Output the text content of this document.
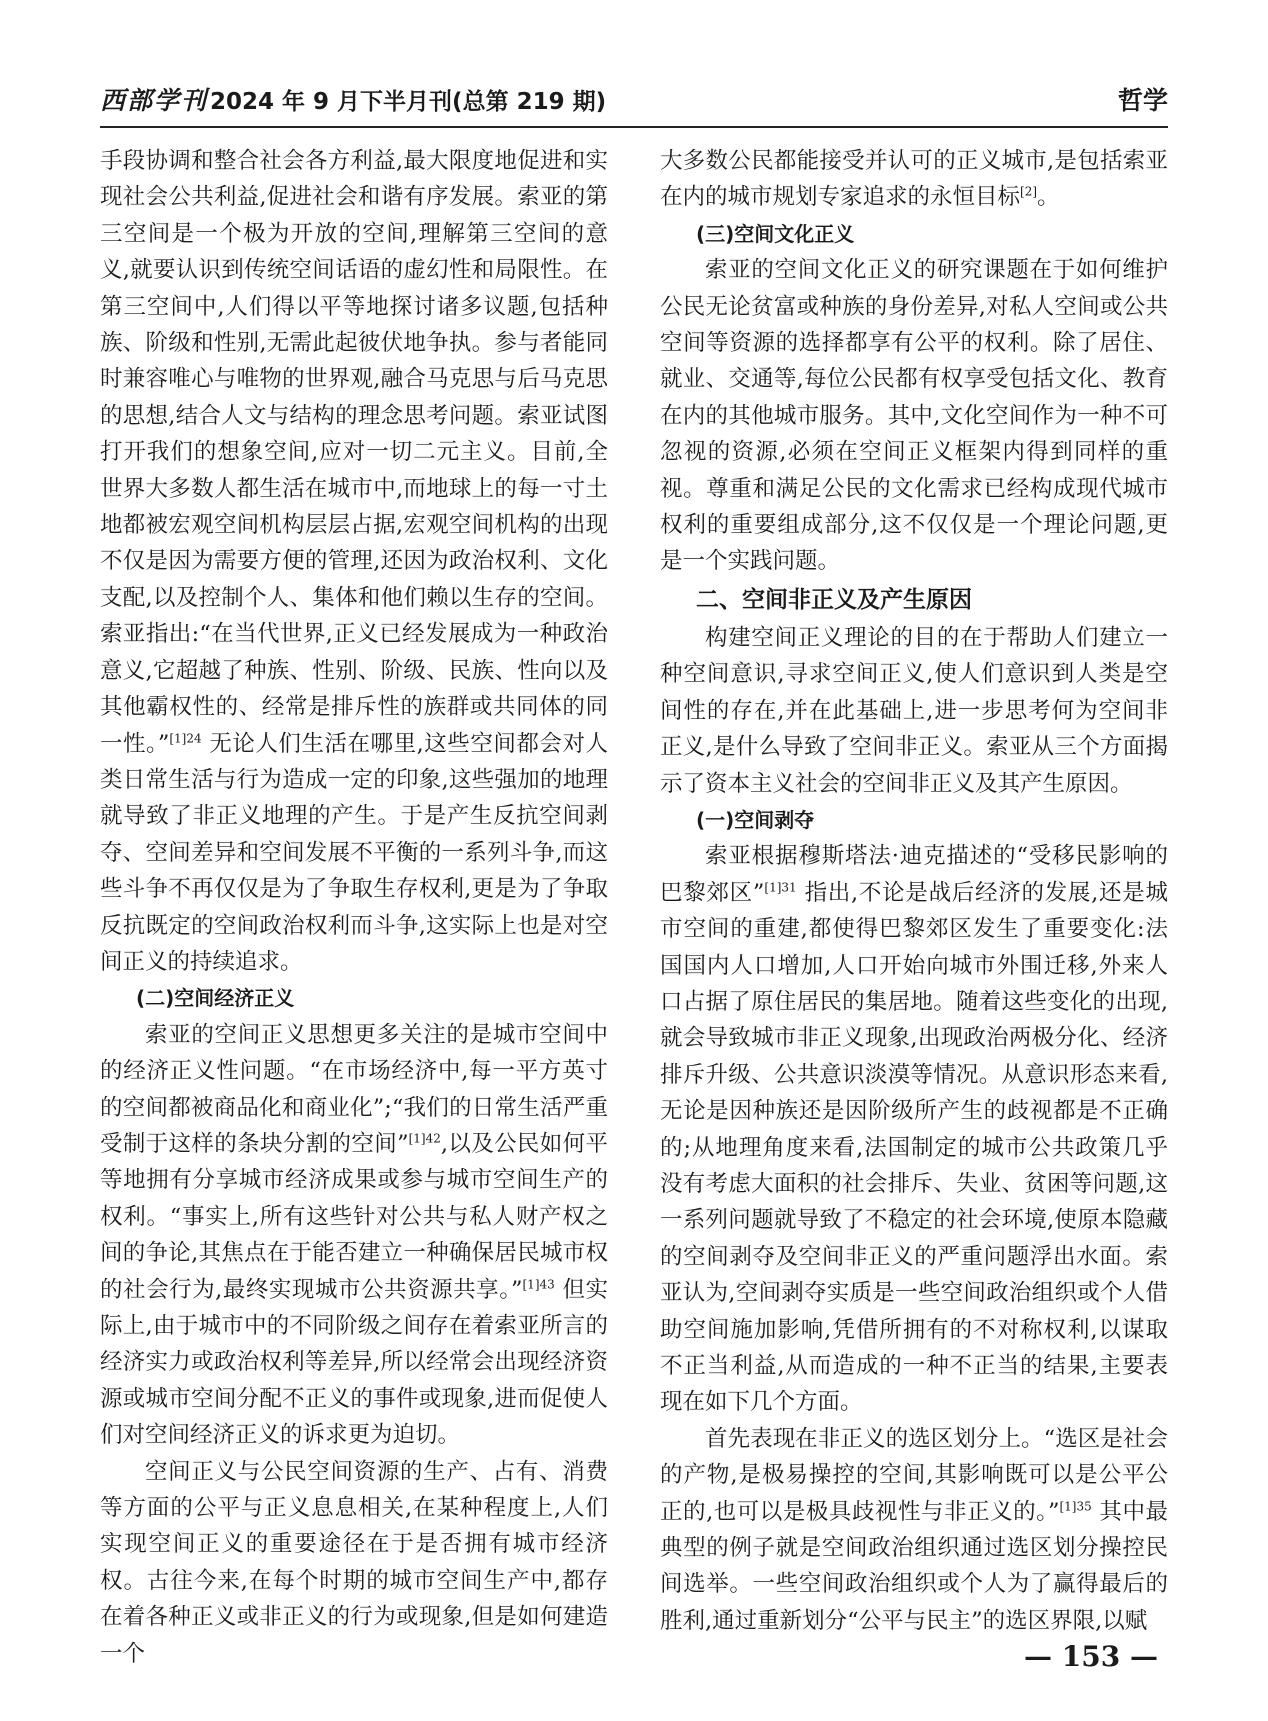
西部学刊2024 年 9 月下半月刊(总第 219 期)	哲学

手段协调和整合社会各方利益,最大限度地促进和实现社会公共利益,促进社会和谐有序发展。索亚的第三空间是一个极为开放的空间,理解第三空间的意义,就要认识到传统空间话语的虚幻性和局限性。在第三空间中,人们得以平等地探讨诸多议题,包括种族、阶级和性别,无需此起彼伏地争执。参与者能同时兼容唯心与唯物的世界观,融合马克思与后马克思的思想,结合人文与结构的理念思考问题。索亚试图打开我们的想象空间,应对一切二元主义。目前,全世界大多数人都生活在城市中,而地球上的每一寸土地都被宏观空间机构层层占据,宏观空间机构的出现不仅是因为需要方便的管理,还因为政治权利、文化支配,以及控制个人、集体和他们赖以生存的空间。索亚指出:“在当代世界,正义已经发展成为一种政治意义,它超越了种族、性别、阶级、民族、性向以及其他霸权性的、经常是排斥性的族群或共同体的同一性。”$^{[1]24}$ 无论人们生活在哪里,这些空间都会对人类日常生活与行为造成一定的印象,这些强加的地理就导致了非正义地理的产生。于是产生反抗空间剥夺、空间差异和空间发展不平衡的一系列斗争,而这些斗争不再仅仅是为了争取生存权利,更是为了争取反抗既定的空间政治权利而斗争,这实际上也是对空间正义的持续追求。

(二)空间经济正义

索亚的空间正义思想更多关注的是城市空间中的经济正义性问题。“在市场经济中,每一平方英寸的空间都被商品化和商业化”;“我们的日常生活严重受制于这样的条块分割的空间”$^{[1]42}$,以及公民如何平等地拥有分享城市经济成果或参与城市空间生产的权利。“事实上,所有这些针对公共与私人财产权之间的争论,其焦点在于能否建立一种确保居民城市权的社会行为,最终实现城市公共资源共享。”$^{[1]43}$ 但实际上,由于城市中的不同阶级之间存在着索亚所言的经济实力或政治权利等差异,所以经常会出现经济资源或城市空间分配不正义的事件或现象,进而促使人们对空间经济正义的诉求更为迫切。

空间正义与公民空间资源的生产、占有、消费等方面的公平与正义息息相关,在某种程度上,人们实现空间正义的重要途径在于是否拥有城市经济权。古往今来,在每个时期的城市空间生产中,都存在着各种正义或非正义的行为或现象,但是如何建造一个

大多数公民都能接受并认可的正义城市,是包括索亚在内的城市规划专家追求的永恒目标[2]。

(三)空间文化正义

索亚的空间文化正义的研究课题在于如何维护公民无论贫富或种族的身份差异,对私人空间或公共空间等资源的选择都享有公平的权利。除了居住、就业、交通等,每位公民都有权享受包括文化、教育在内的其他城市服务。其中,文化空间作为一种不可忽视的资源,必须在空间正义框架内得到同样的重视。尊重和满足公民的文化需求已经构成现代城市权利的重要组成部分,这不仅仅是一个理论问题,更是一个实践问题。

二、空间非正义及产生原因

构建空间正义理论的目的在于帮助人们建立一种空间意识,寻求空间正义,使人们意识到人类是空间性的存在,并在此基础上,进一步思考何为空间非正义,是什么导致了空间非正义。索亚从三个方面揭示了资本主义社会的空间非正义及其产生原因。

(一)空间剥夺

索亚根据穆斯塔法·迪克描述的“受移民影响的巴黎郊区”$^{[1]31}$ 指出,不论是战后经济的发展,还是城市空间的重建,都使得巴黎郊区发生了重要变化:法国国内人口增加,人口开始向城市外围迁移,外来人口占据了原住居民的集居地。随着这些变化的出现,就会导致城市非正义现象,出现政治两极分化、经济排斥升级、公共意识淡漠等情况。从意识形态来看,无论是因种族还是因阶级所产生的歧视都是不正确的;从地理角度来看,法国制定的城市公共政策几乎没有考虑大面积的社会排斥、失业、贫困等问题,这一系列问题就导致了不稳定的社会环境,使原本隐藏的空间剥夺及空间非正义的严重问题浮出水面。索亚认为,空间剥夺实质是一些空间政治组织或个人借助空间施加影响,凭借所拥有的不对称权利,以谋取不正当利益,从而造成的一种不正当的结果,主要表现在如下几个方面。

首先表现在非正义的选区划分上。“选区是社会的产物,是极易操控的空间,其影响既可以是公平公正的,也可以是极具歧视性与非正义的。”$^{[1]35}$ 其中最典型的例子就是空间政治组织通过选区划分操控民间选举。一些空间政治组织或个人为了赢得最后的胜利,通过重新划分“公平与民主”的选区界限,以赋

— 153 —
